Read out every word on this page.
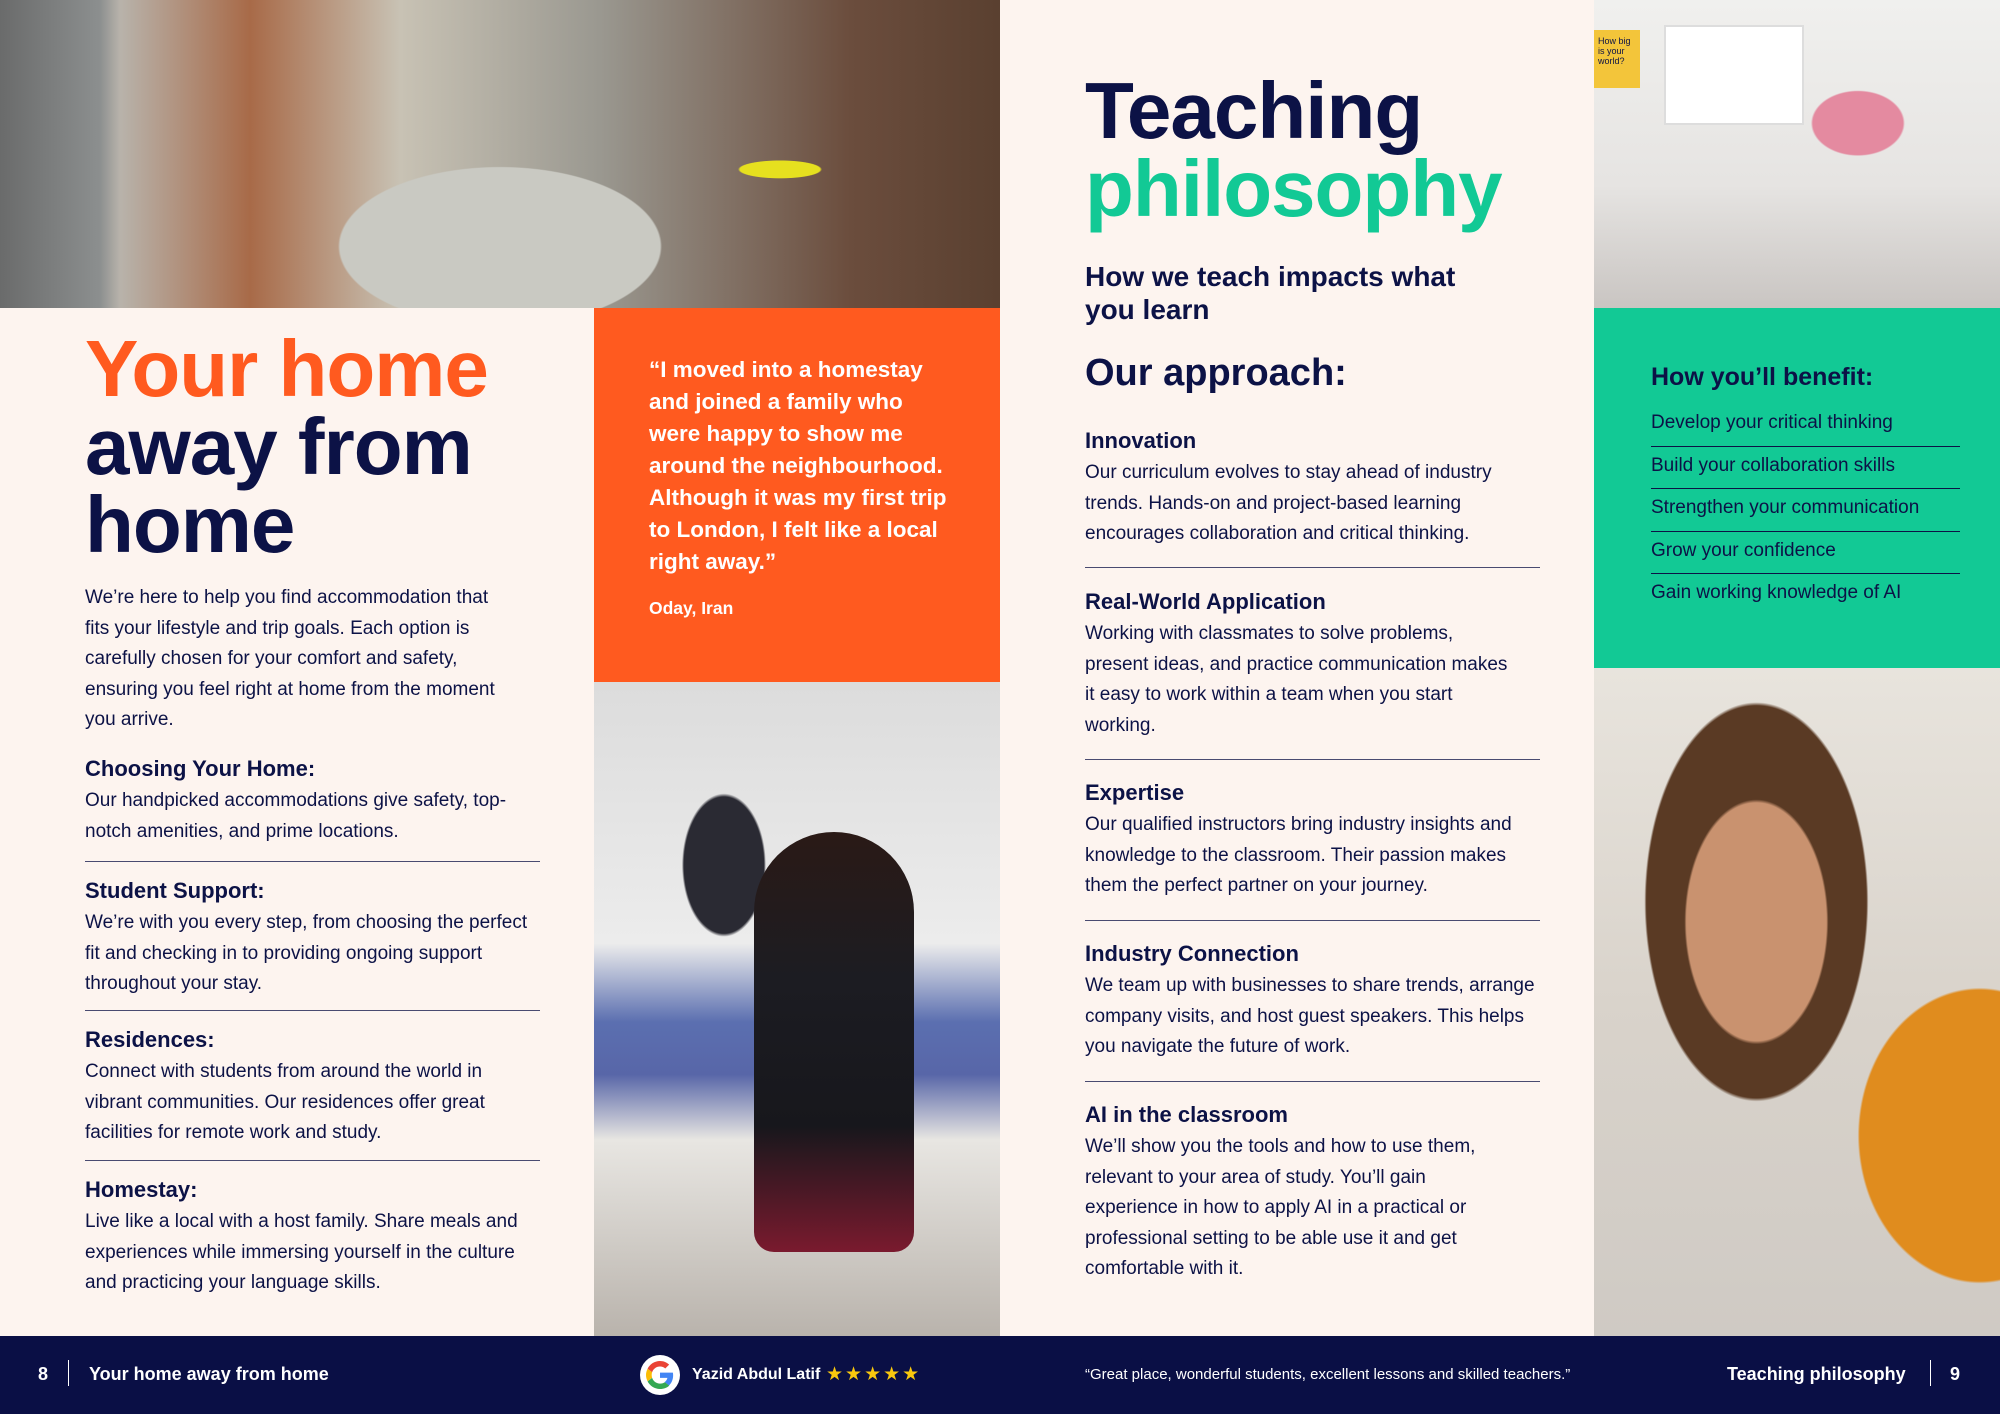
How big is your world?
Your home
away from
home

We’re here to help you find accommodation that fits your lifestyle and trip goals. Each option is carefully chosen for your comfort and safety, ensuring you feel right at home from the moment you arrive.

Choosing Your Home:

Our handpicked accommodations give safety, top-notch amenities, and prime locations.

Student Support:

We’re with you every step, from choosing the perfect fit and checking in to providing ongoing support throughout your stay.

Residences:

Connect with students from around the world in vibrant communities. Our residences offer great facilities for remote work and study.

Homestay:

Live like a local with a host family. Share meals and experiences while immersing yourself in the culture and practicing your language skills.

“I moved into a homestay and joined a family who were happy to show me around the neighbourhood. Although it was my first trip to London, I felt like a local right away.”

Oday, Iran

Teaching
philosophy

How we teach impacts what you learn

Our approach:

Innovation

Our curriculum evolves to stay ahead of industry trends. Hands-on and project-based learning encourages collaboration and critical thinking.

Real-World Application

Working with classmates to solve problems, present ideas, and practice communication makes it easy to work within a team when you start working.

Expertise

Our qualified instructors bring industry insights and knowledge to the classroom. Their passion makes them the perfect partner on your journey.

Industry Connection

We team up with businesses to share trends, arrange company visits, and host guest speakers. This helps you navigate the future of work.

AI in the classroom

We’ll show you the tools and how to use them, relevant to your area of study. You’ll gain experience in how to apply AI in a practical or professional setting to be able use it and get comfortable with it.

How you’ll benefit:
Develop your critical thinking
Build your collaboration skills
Strengthen your communication
Grow your confidence
Gain working knowledge of AI
8 Your home away from home	Yazid Abdul Latif ★★★★★	“Great place, wonderful students, excellent lessons and skilled teachers.”	Teaching philosophy 9
